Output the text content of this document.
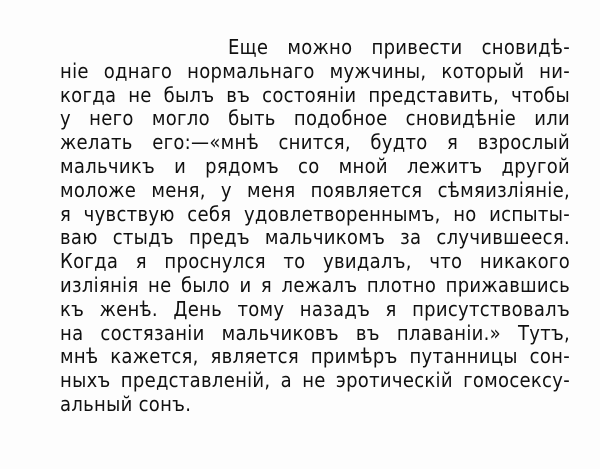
Еще можно привести сновидѣ-
ніе однаго нормальнаго мужчины, который ни-
когда не былъ въ состояніи представить, чтобы
у него могло быть подобное сновидѣніе или
желать его:—«мнѣ снится, будто я взрослый
мальчикъ и рядомъ со мной лежитъ другой
моложе меня, у меня появляется сѣмяизліяніе,
я чувствую себя удовлетвореннымъ, но испыты-
ваю стыдъ предъ мальчикомъ за случившееся.
Когда я проснулся то увидалъ, что никакого
изліянія не было и я лежалъ плотно прижавшись
къ женѣ. День тому назадъ я присутствовалъ
на состязаніи мальчиковъ въ плаваніи.» Тутъ,
мнѣ кажется, является примѣръ путанницы сон-
ныхъ представленій, а не эротическій гомосексу-
альный сонъ.
